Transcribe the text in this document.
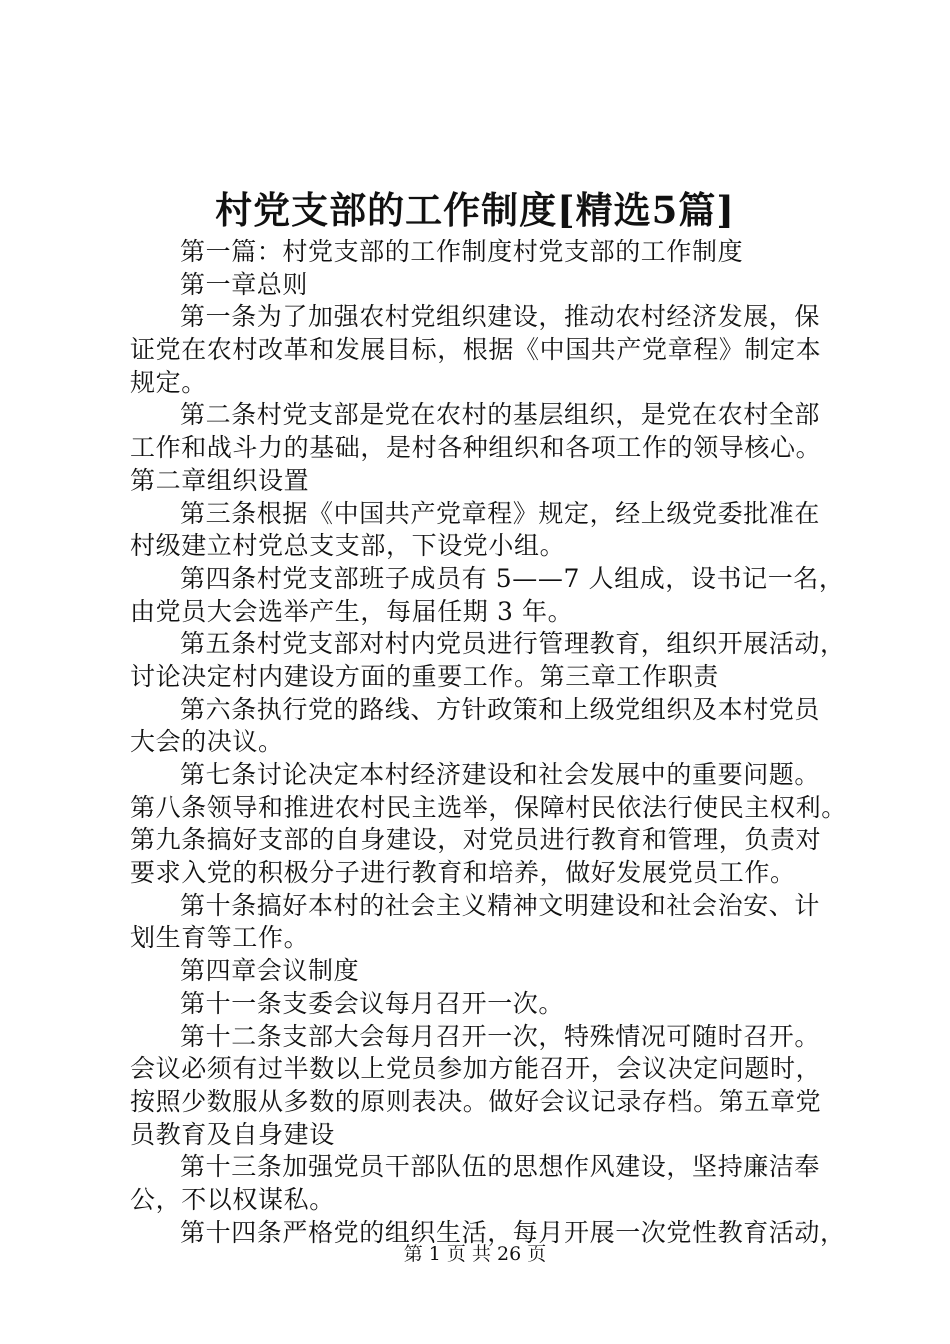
村党支部的工作制度[精选5篇]
第一篇：村党支部的工作制度村党支部的工作制度
第一章总则
第一条为了加强农村党组织建设，推动农村经济发展，保
证党在农村改革和发展目标，根据《中国共产党章程》制定本
规定。
第二条村党支部是党在农村的基层组织，是党在农村全部
工作和战斗力的基础，是村各种组织和各项工作的领导核心。
第二章组织设置
第三条根据《中国共产党章程》规定，经上级党委批准在
村级建立村党总支支部，下设党小组。
第四条村党支部班子成员有 5——7 人组成，设书记一名，
由党员大会选举产生，每届任期 3 年。
第五条村党支部对村内党员进行管理教育，组织开展活动，
讨论决定村内建设方面的重要工作。第三章工作职责
第六条执行党的路线、方针政策和上级党组织及本村党员
大会的决议。
第七条讨论决定本村经济建设和社会发展中的重要问题。
第八条领导和推进农村民主选举，保障村民依法行使民主权利。
第九条搞好支部的自身建设，对党员进行教育和管理，负责对
要求入党的积极分子进行教育和培养，做好发展党员工作。
第十条搞好本村的社会主义精神文明建设和社会治安、计
划生育等工作。
第四章会议制度
第十一条支委会议每月召开一次。
第十二条支部大会每月召开一次，特殊情况可随时召开。
会议必须有过半数以上党员参加方能召开，会议决定问题时，
按照少数服从多数的原则表决。做好会议记录存档。第五章党
员教育及自身建设
第十三条加强党员干部队伍的思想作风建设，坚持廉洁奉
公，不以权谋私。
第十四条严格党的组织生活，每月开展一次党性教育活动，
第 1 页 共 26 页
